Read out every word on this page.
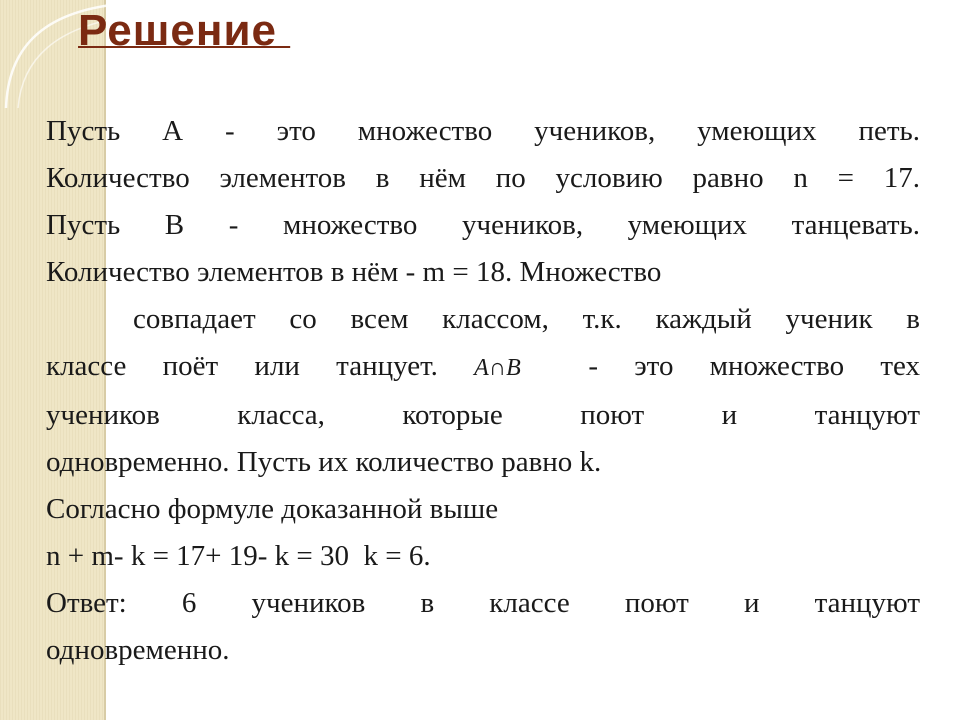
Решение

Пусть А - это множество учеников, умеющих петь.

Количество элементов в нём по условию равно n = 17.

Пусть В - множество учеников, умеющих танцевать.

Количество элементов в нём - m = 18. Множество

совпадает со всем классом, т.к. каждый ученик в

классе поёт или танцует. A∩B - это множество тех

учеников класса, которые поют и танцуют

одновременно. Пусть их количество равно k.

Согласно формуле доказанной выше

n + m- k = 17+ 19- k = 30  k = 6.

Ответ: 6 учеников в классе поют и танцуют

одновременно.
